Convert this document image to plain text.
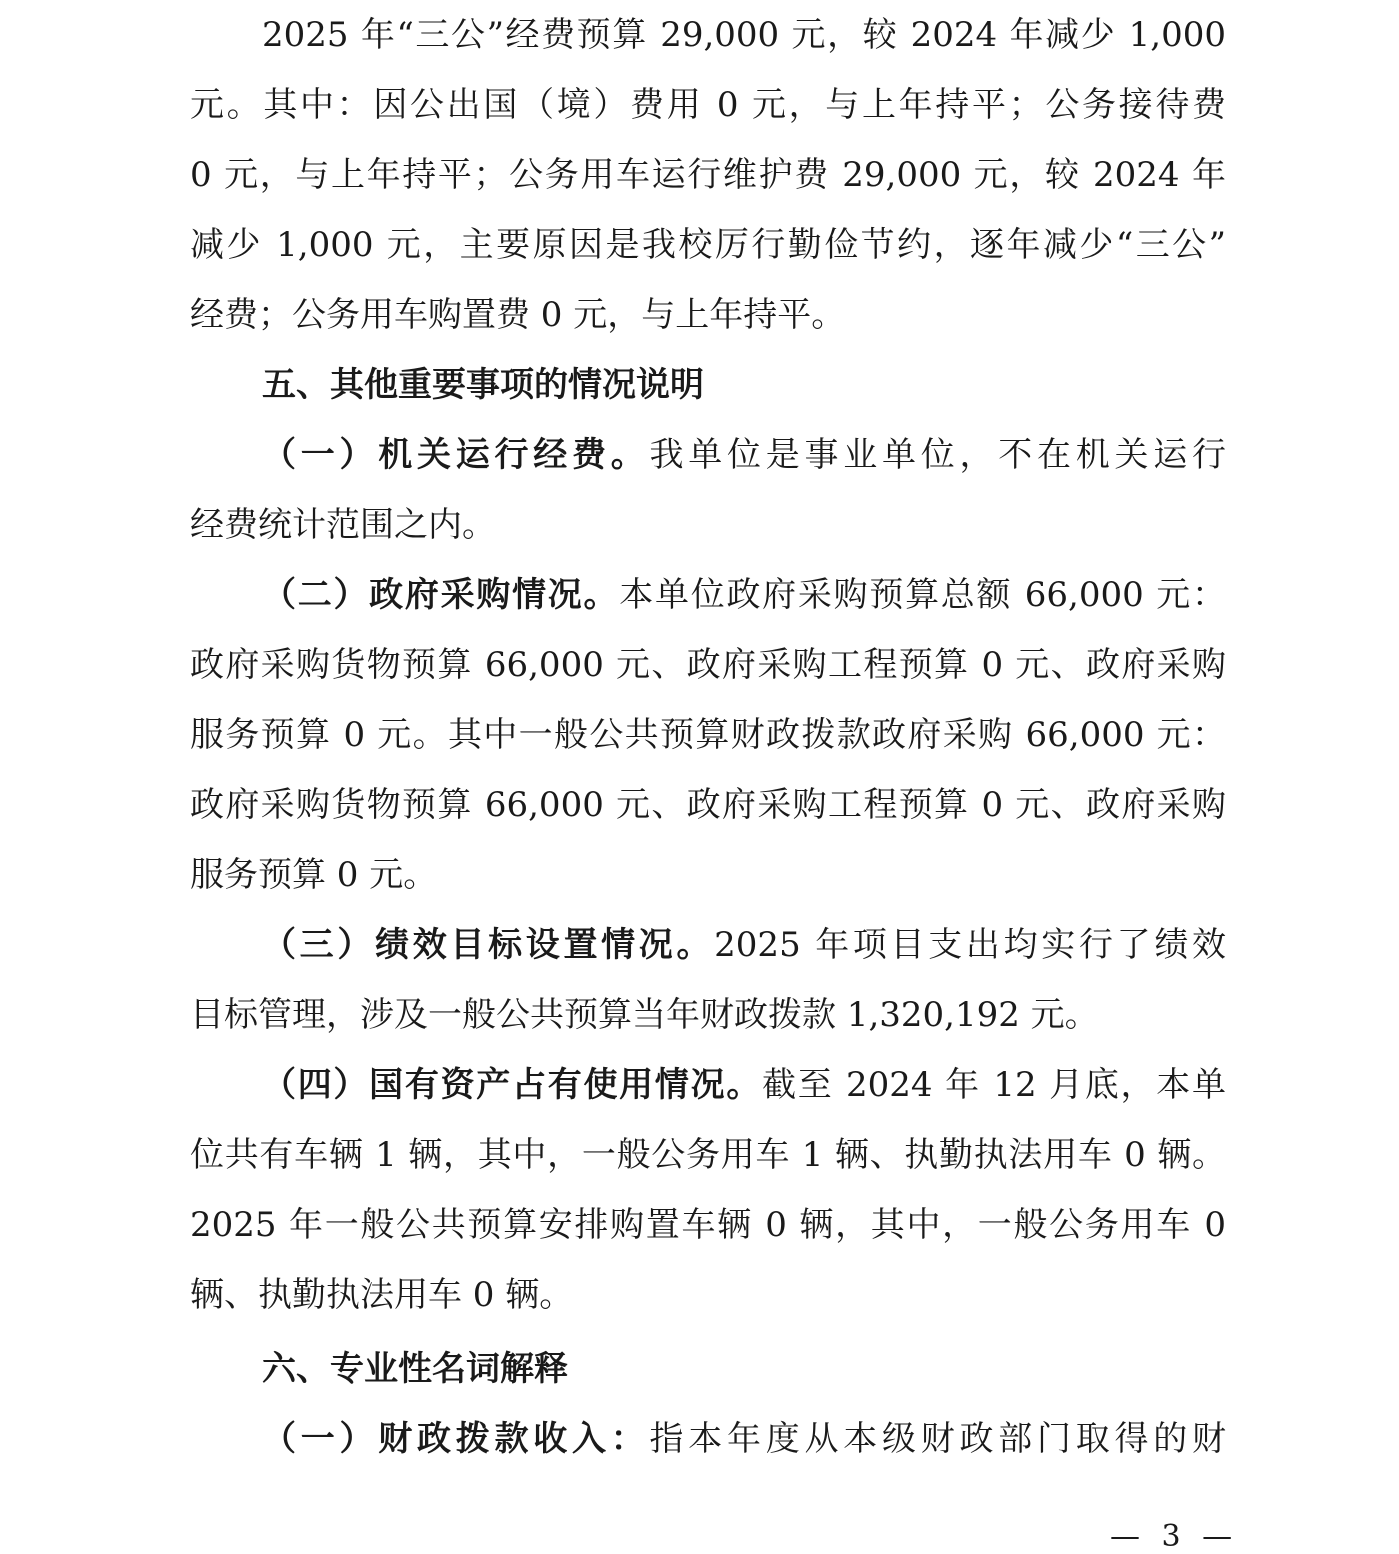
2025 年“三公”经费预算 29,000 元，较 2024 年减少 1,000
元。其中：因公出国（境）费用 0 元，与上年持平；公务接待费
0 元，与上年持平；公务用车运行维护费 29,000 元，较 2024 年
减少 1,000 元，主要原因是我校厉行勤俭节约，逐年减少“三公”
经费；公务用车购置费 0 元，与上年持平。
五、其他重要事项的情况说明
（一）机关运行经费。我单位是事业单位，不在机关运行
经费统计范围之内。
（二）政府采购情况。本单位政府采购预算总额 66,000 元：
政府采购货物预算 66,000 元、政府采购工程预算 0 元、政府采购
服务预算 0 元。其中一般公共预算财政拨款政府采购 66,000 元：
政府采购货物预算 66,000 元、政府采购工程预算 0 元、政府采购
服务预算 0 元。
（三）绩效目标设置情况。2025 年项目支出均实行了绩效
目标管理，涉及一般公共预算当年财政拨款 1,320,192 元。
（四）国有资产占有使用情况。截至 2024 年 12 月底，本单
位共有车辆 1 辆，其中，一般公务用车 1 辆、执勤执法用车 0 辆。
2025 年一般公共预算安排购置车辆 0 辆，其中，一般公务用车 0
辆、执勤执法用车 0 辆。
六、专业性名词解释
（一）财政拨款收入：指本年度从本级财政部门取得的财
— 3 —
